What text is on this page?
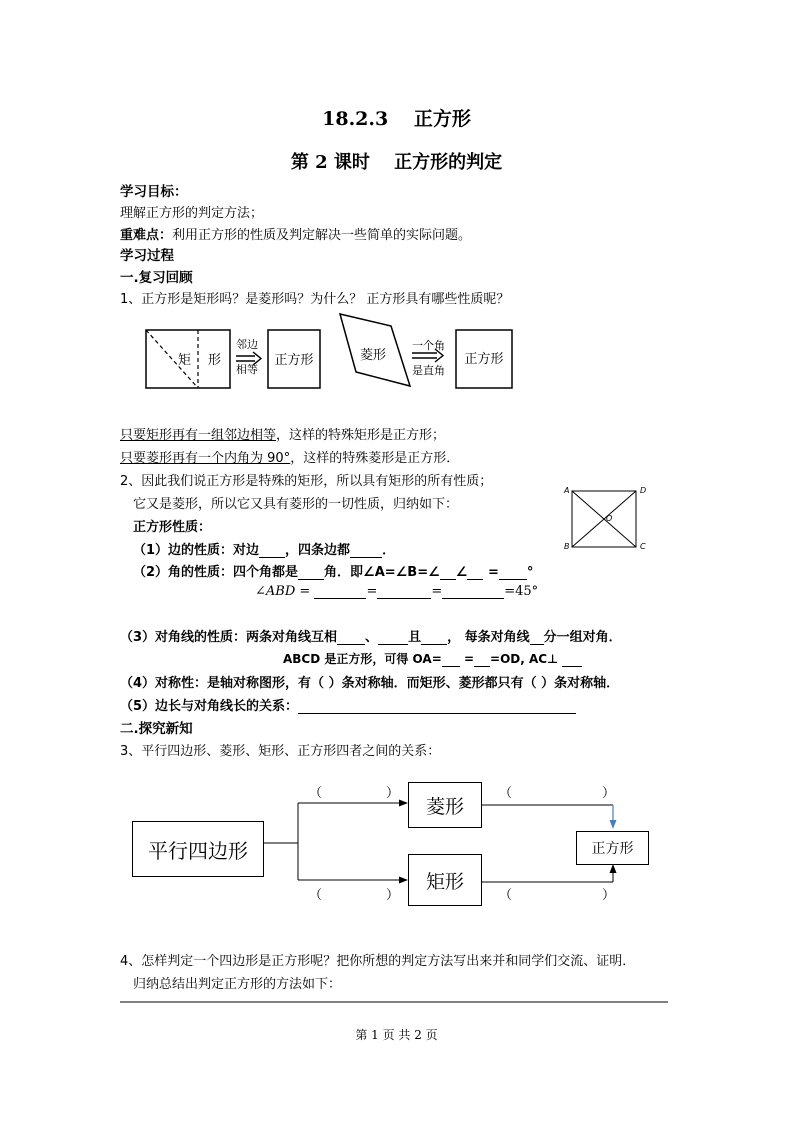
18.2.3　 正方形
第 2 课时　 正方形的判定
学习目标：
理解正方形的判定方法；
重难点：利用正方形的性质及判定解决一些简单的实际问题。
学习过程
一.复习回顾
1、正方形是矩形吗？是菱形吗？为什么？ 正方形具有哪些性质呢？
矩 形
邻边
相等
正方形	菱形
一个角
是直角
正方形
只要矩形再有一组邻边相等，这样的特殊矩形是正方形；
只要菱形再有一个内角为 90°，这样的特殊菱形是正方形．
2、因此我们说正方形是特殊的矩形，所以具有矩形的所有性质；
它又是菱形，所以它又具有菱形的一切性质，归纳如下：
A	D
O
B	C
正方形性质：
（1）边的性质：对边 ，四条边都 ．
（2）角的性质：四个角都是 角．即∠A=∠B=∠ ∠ = °
∠ABD =	=	=	=45°
（3）对角线的性质：两条对角线互相 、 且 ， 每条对角线 分一组对角．
ABCD 是正方形，可得 OA= = =OD, AC⊥
（4）对称性：是轴对称图形，有（ ）条对称轴．而矩形、菱形都只有（ ）条对称轴．
（5）边长与对角线长的关系：
二.探究新知
3、平行四边形、菱形、矩形、正方形四者之间的关系：
平行四边形
菱形
矩形
正方形
（	）
（	）
（	）
（	）
4、怎样判定一个四边形是正方形呢？把你所想的判定方法写出来并和同学们交流、证明．
归纳总结出判定正方形的方法如下：
第 1 页 共 2 页
